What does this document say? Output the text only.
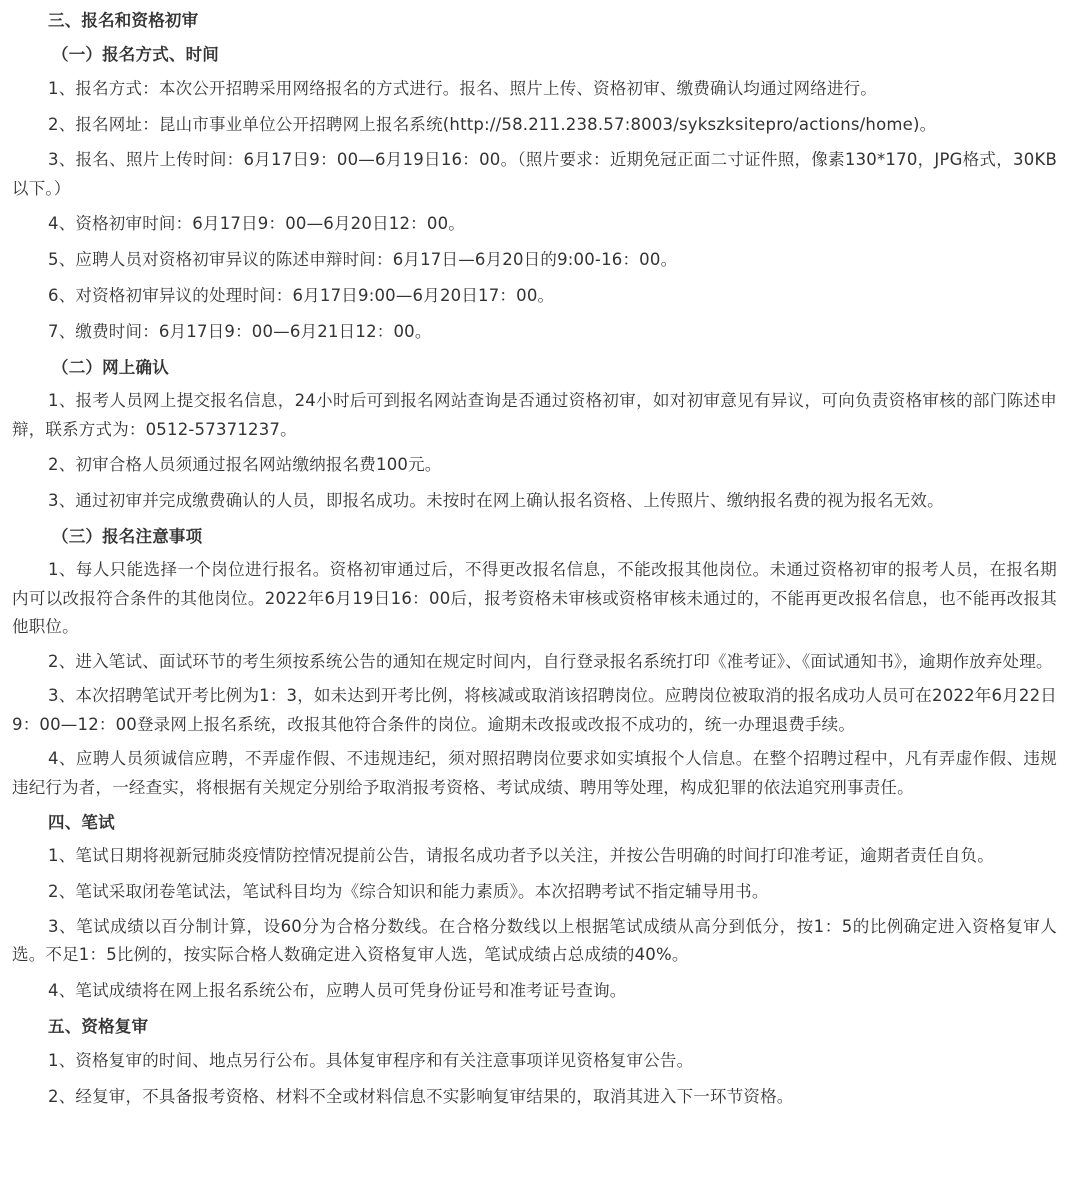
三、报名和资格初审
（一）报名方式、时间
1、报名方式：本次公开招聘采用网络报名的方式进行。报名、照片上传、资格初审、缴费确认均通过网络进行。
2、报名网址：昆山市事业单位公开招聘网上报名系统(http://58.211.238.57:8003/sykszksitepro/actions/home)。
3、报名、照片上传时间：6月17日9：00—6月19日16：00。（照片要求：近期免冠正面二寸证件照，像素130*170，JPG格式，30KB以下。）
4、资格初审时间：6月17日9：00—6月20日12：00。
5、应聘人员对资格初审异议的陈述申辩时间：6月17日—6月20日的9:00-16：00。
6、对资格初审异议的处理时间：6月17日9:00—6月20日17：00。
7、缴费时间：6月17日9：00—6月21日12：00。
（二）网上确认
1、报考人员网上提交报名信息，24小时后可到报名网站查询是否通过资格初审，如对初审意见有异议，可向负责资格审核的部门陈述申辩，联系方式为：0512-57371237。
2、初审合格人员须通过报名网站缴纳报名费100元。
3、通过初审并完成缴费确认的人员，即报名成功。未按时在网上确认报名资格、上传照片、缴纳报名费的视为报名无效。
（三）报名注意事项
1、每人只能选择一个岗位进行报名。资格初审通过后，不得更改报名信息，不能改报其他岗位。未通过资格初审的报考人员，在报名期内可以改报符合条件的其他岗位。2022年6月19日16：00后，报考资格未审核或资格审核未通过的，不能再更改报名信息，也不能再改报其他职位。
2、进入笔试、面试环节的考生须按系统公告的通知在规定时间内，自行登录报名系统打印《准考证》、《面试通知书》，逾期作放弃处理。
3、本次招聘笔试开考比例为1：3，如未达到开考比例，将核减或取消该招聘岗位。应聘岗位被取消的报名成功人员可在2022年6月22日9：00—12：00登录网上报名系统，改报其他符合条件的岗位。逾期未改报或改报不成功的，统一办理退费手续。
4、应聘人员须诚信应聘，不弄虚作假、不违规违纪，须对照招聘岗位要求如实填报个人信息。在整个招聘过程中，凡有弄虚作假、违规违纪行为者，一经查实，将根据有关规定分别给予取消报考资格、考试成绩、聘用等处理，构成犯罪的依法追究刑事责任。
四、笔试
1、笔试日期将视新冠肺炎疫情防控情况提前公告，请报名成功者予以关注，并按公告明确的时间打印准考证，逾期者责任自负。
2、笔试采取闭卷笔试法，笔试科目均为《综合知识和能力素质》。本次招聘考试不指定辅导用书。
3、笔试成绩以百分制计算，设60分为合格分数线。在合格分数线以上根据笔试成绩从高分到低分，按1：5的比例确定进入资格复审人选。不足1：5比例的，按实际合格人数确定进入资格复审人选，笔试成绩占总成绩的40%。
4、笔试成绩将在网上报名系统公布，应聘人员可凭身份证号和准考证号查询。
五、资格复审
1、资格复审的时间、地点另行公布。具体复审程序和有关注意事项详见资格复审公告。
2、经复审，不具备报考资格、材料不全或材料信息不实影响复审结果的，取消其进入下一环节资格。
